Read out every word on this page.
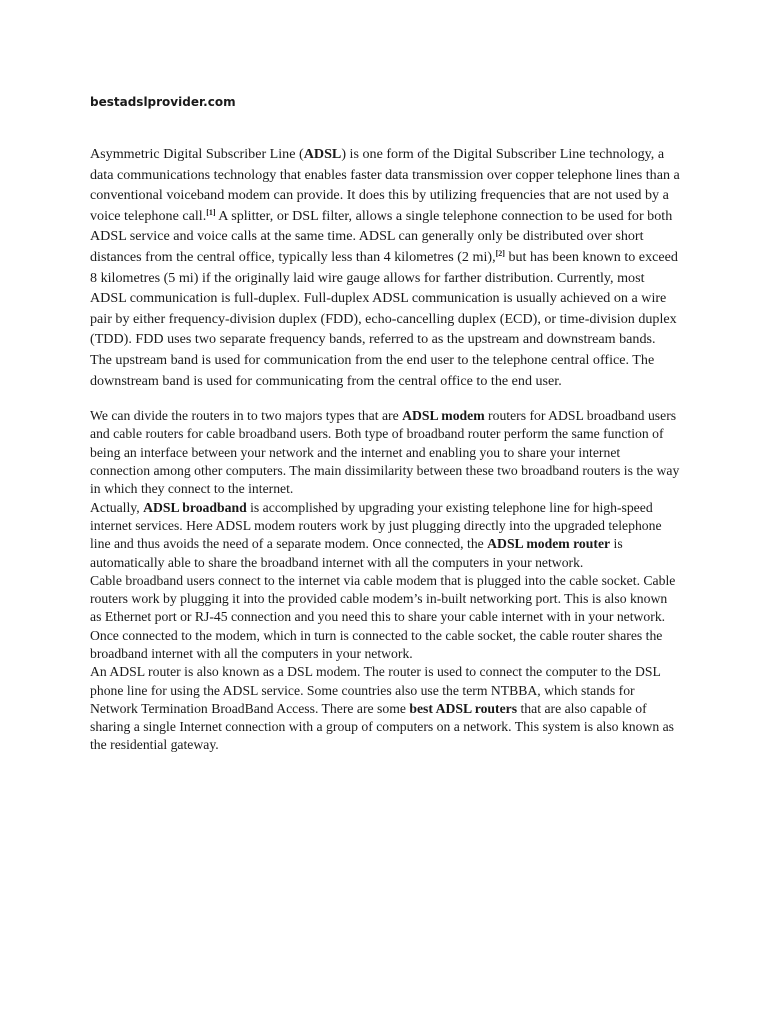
bestadslprovider.com

Asymmetric Digital Subscriber Line (ADSL) is one form of the Digital Subscriber Line technology, a data communications technology that enables faster data transmission over copper telephone lines than a conventional voiceband modem can provide. It does this by utilizing frequencies that are not used by a voice telephone call.[1] A splitter, or DSL filter, allows a single telephone connection to be used for both ADSL service and voice calls at the same time. ADSL can generally only be distributed over short distances from the central office, typically less than 4 kilometres (2 mi),[2] but has been known to exceed 8 kilometres (5 mi) if the originally laid wire gauge allows for farther distribution. Currently, most ADSL communication is full-duplex. Full-duplex ADSL communication is usually achieved on a wire pair by either frequency-division duplex (FDD), echo-cancelling duplex (ECD), or time-division duplex (TDD). FDD uses two separate frequency bands, referred to as the upstream and downstream bands. The upstream band is used for communication from the end user to the telephone central office. The downstream band is used for communicating from the central office to the end user.

We can divide the routers in to two majors types that are ADSL modem routers for ADSL broadband users and cable routers for cable broadband users. Both type of broadband router perform the same function of being an interface between your network and the internet and enabling you to share your internet connection among other computers. The main dissimilarity between these two broadband routers is the way in which they connect to the internet.
Actually, ADSL broadband is accomplished by upgrading your existing telephone line for high-speed internet services. Here ADSL modem routers work by just plugging directly into the upgraded telephone line and thus avoids the need of a separate modem. Once connected, the ADSL modem router is automatically able to share the broadband internet with all the computers in your network.
Cable broadband users connect to the internet via cable modem that is plugged into the cable socket. Cable routers work by plugging it into the provided cable modem’s in-built networking port. This is also known as Ethernet port or RJ-45 connection and you need this to share your cable internet with in your network. Once connected to the modem, which in turn is connected to the cable socket, the cable router shares the broadband internet with all the computers in your network.
An ADSL router is also known as a DSL modem. The router is used to connect the computer to the DSL phone line for using the ADSL service. Some countries also use the term NTBBA, which stands for Network Termination BroadBand Access. There are some best ADSL routers that are also capable of sharing a single Internet connection with a group of computers on a network. This system is also known as the residential gateway.
